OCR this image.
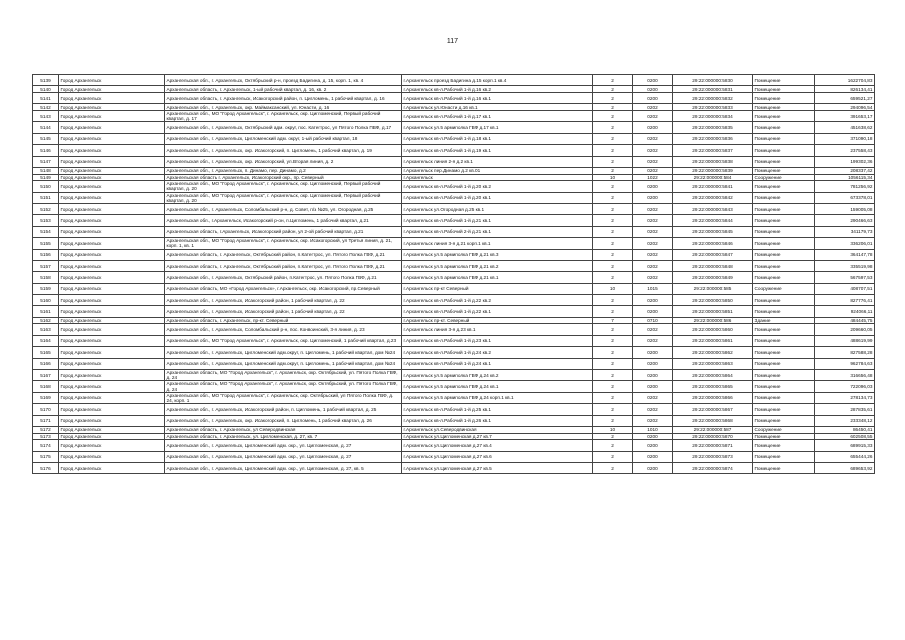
117
5139	Город Архангельск	Архангельская обл., г. Архангельск, Октябрьский р-н, проезд Бадигина, д. 15, корп. 1, кв. 4	г.Архангельск проезд Бадигина д.15 корп.1 кв.4	2	0200	29:22:000000:5830	Помещение	1622704,83
5140	Город Архангельск	Архангельская область, г. Архангельск, 1-ый рабочий квартал, д. 16, кв. 2	г.Архангельск кв-л.Рабочий 1-й д.16 кв.2	2	0200	29:22:000000:5831	Помещение	826134,41
5141	Город Архангельск	Архангельская область, г. Архангельск, Исакогорский район, п. Цигломень, 1 рабочий квартал, д. 16	г.Архангельск кв-л.Рабочий 1-й д.16 кв.1	2	0200	29:22:000000:5832	Помещение	659521,27
5142	Город Архангельск	Архангельская обл., г. Архангельск, окр. Маймаксанский, ул. Юнасти, д. 16	г.Архангельск ул.Юнасти д.16 кв.1	2	0202	29:22:000000:5833	Помещение	294096,54
5143	Город Архангельск	Архангельская обл., МО "Город Архангельск", г. Архангельск, окр. Цигломенский, Первый рабочий квартал, д. 17	г.Архангельск кв-л.Рабочий 1-й д.17 кв.1	2	0202	29:22:000000:5834	Помещение	391653,17
5144	Город Архангельск	Архангельская обл., г. Архангельск, Октябрьский адм. округ, пос. Категтрос, ул Пятого Полка ПВФ, д.17	г.Архангельск ул.5 армиполка ГВФ д.17 кв.1	2	0200	29:22:000000:5835	Помещение	451638,62
5145	Город Архангельск	Архангельская обл., г. Архангельск, Цигломенский адм. округ, 1-ый рабочий квартал, 18	г.Архангельск кв-л.Рабочий 1-й д.18 кв.1	2	0202	29:22:000000:5836	Помещение	371090,18
5146	Город Архангельск	Архангельская обл., г. Архангельск, окр. Исакогорский, п. Цигломень, 1 рабочий квартал, д. 19	г.Архангельск кв-л.Рабочий 1-й д.19 кв.1	2	0202	29:22:000000:5837	Помещение	237558,43
5147	Город Архангельск	Архангельская обл., г. Архангельск, окр. Исакогорский, ул.Вторая линия, д. 2	г.Архангельск линия 2-я д.2 кв.1	2	0202	29:22:000000:5838	Помещение	199302,36
5148	Город Архангельск	Архангельская обл., г. Архангельск, п. Динамо, пер. Динамо, д.2	г.Архангельск пер.Динамо д.2 кв.01	2	0202	29:22:000000:5839	Помещение	208337,42
5149	Город Архангельск	Архангельская область г. Архангельск, Исакогорский окр., пр. Северный	г.Архангельск	10	1022	29:22:000000:584	Сооружение	1056115,34
5150	Город Архангельск	Архангельская обл., МО "Город Архангельск", г. Архангельск, окр. Цигломенский, Первый рабочий квартал, д. 20	г.Архангельск кв-л.Рабочий 1-й д.20 кв.2	2	0200	29:22:000000:5841	Помещение	781256,92
5151	Город Архангельск	Архангельская обл., МО "Город Архангельск", г. Архангельск, окр. Цигломенский, Первый рабочий квартал, д. 20	г.Архангельск кв-л.Рабочий 1-й д.20 кв.1	2	0200	29:22:000000:5842	Помещение	673378,01
5152	Город Архангельск	Архангельская обл., г. Архангельск, Соломбальский р-н, д. Совет, п/з №25, ул. Огородная, д.25	г.Архангельск ул.Огородная д.25 кв.1	2	0202	29:22:000000:5843	Помещение	159005,08
5153	Город Архангельск	Архангельская обл., г.Архангельск, Исакогорский р-он, п.Цигломень, 1 рабочий квартал, д.21	г.Архангельск кв-л.Рабочий 1-й д.21 кв.1	2	0202	29:22:000000:5844	Помещение	290466,63
5154	Город Архангельск	Архангельская область, г.Архангельск, Исакогорский район, ул 2-ой рабочий квартал, д.21	г.Архангельск кв-л.Рабочий 2-й д.21 кв.1	2	0202	29:22:000000:5845	Помещение	341179,73
5155	Город Архангельск	Архангельская обл., МО "Город Архангельск", г. Архангельск, окр. Исакогорский, ул Третья линия, д. 21, корп. 1, кв. 1	г.Архангельск линия 3-я д.21 корп.1 кв.1	2	0202	29:22:000000:5846	Помещение	336206,01
5156	Город Архангельск	Архангельская область, г. Архангельск, Октябрьский район, п.Категтрос, ул. Пятого Полка ГВФ, д.21	г.Архангельск ул.5 армиполка ГВФ д.21 кв.3	2	0202	29:22:000000:5847	Помещение	364147,78
5157	Город Архангельск	Архангельская область, г. Архангельск, Октябрьский район, п.Категтрос, ул. Пятого Полка ГВФ, д.21	г.Архангельск ул.5 армиполка ГВФ д.21 кв.2	2	0202	29:22:000000:5848	Помещение	335519,98
5158	Город Архангельск	Архангельская обл., г. Архангельск, Октябрьский район, п.Категтрос, ул. Пятого Полка ГВФ, д.21	г.Архангельск ул.5 армиполка ГВФ д.21 кв.1	2	0202	29:22:000000:5849	Помещение	567597,53
5159	Город Архангельск	Архангельская область, МО «Город Архангельск», г.Архангельск, окр. Исакогорский, пр.Северный	г.Архангельск пр-кт Северный	10	1015	29:22:000000:585	Сооружение	408707,51
5160	Город Архангельск	Архангельская обл., г. Архангельск, Исакогорский район, 1 рабочий квартал, д. 22	г.Архангельск кв-л.Рабочий 1-й д.22 кв.2	2	0200	29:22:000000:5850	Помещение	827776,41
5161	Город Архангельск	Архангельская обл., г. Архангельск, Исакогорский район, 1 рабочий квартал, д. 22	г.Архангельск кв-л.Рабочий 1-й д.22 кв.1	2	0200	29:22:000000:5851	Помещение	924066,11
5162	Город Архангельск	Архангельская область, г. Архангельск, пр-кт. Северный	г.Архангельск пр-кт. Северный	7	0710	29:22:000000:586	Здание	484445,75
5163	Город Архангельск	Архангельская обл., г. Архангельск, Соломбальский р-н, пос. Конвоинский, 3-я линия, д. 23	г.Архангельск линия 3-я д.23 кв.1	2	0202	29:22:000000:5860	Помещение	209660,05
5164	Город Архангельск	Архангельская обл., МО "Город Архангельск", г. Архангельск, окр. Цигломенский, 1 рабочий квартал, д.23	г.Архангельск кв-л.Рабочий 1-й д.23 кв.1	2	0202	29:22:000000:5861	Помещение	488619,99
5165	Город Архангельск	Архангельская обл., г. Архангельск, Цигломенский адм.округ, п. Цигломень, 1 рабочий квартал, дом №24	г.Архангельск кв-л.Рабочий 1-й д.24 кв.2	2	0200	29:22:000000:5862	Помещение	827588,28
5166	Город Архангельск	Архангельская обл., г. Архангельск, Цигломенский адм.округ, п. Цигломень, 1 рабочий квартал, дом №24	г.Архангельск кв-л.Рабочий 1-й д.24 кв.1	2	0200	29:22:000000:5863	Помещение	962784,63
5167	Город Архангельск	Архангельская область, МО "Город Архангельск", г. Архангельск, окр. Октябрьский, ул. Пятого Полка ГВФ, д. 24	г.Архангельск ул.5 армиполка ГВФ д.24 кв.2	2	0200	29:22:000000:5864	Помещение	316656,48
5168	Город Архангельск	Архангельская область, МО "Город Архангельск", г. Архангельск, окр. Октябрьский, ул. Пятого Полка ГВФ, д. 24	г.Архангельск ул.5 армиполка ГВФ д.24 кв.1	2	0200	29:22:000000:5865	Помещение	722096,03
5169	Город Архангельск	Архангельская обл., МО "Город Архангельск", г. Архангельск, окр. Октябрьский, ул Пятого Полка ГВФ, д. 24, корп. 1	г.Архангельск ул.5 армиполка ГВФ д.24 корп.1 кв.1	2	0202	29:22:000000:5866	Помещение	278134,73
5170	Город Архангельск	Архангельская обл., г. Архангельск, Исакогорский район, п. Цигломень, 1 рабочий квартал, д. 25	г.Архангельск кв-л.Рабочий 1-й д.25 кв.1	2	0202	29:22:000000:5867	Помещение	287835,61
5171	Город Архангельск	Архангельская обл., г. Архангельск, окр. Исакогорский, п. Цигломень, 1 рабочий квартал, д. 26	г.Архангельск кв-л.Рабочий 1-й д.26 кв.1	2	0202	29:22:000000:5868	Помещение	233348,12
5172	Город Архангельск	Архангельская область, г. Архангельск, ул Северодвинская	г.Архангельск ул.Северодвинская	10	1010	29:22:000000:587	Сооружение	86450,41
5173	Город Архангельск	Архангельская область, г. Архангельск, ул. Цигломенская, д. 27, кв. 7	г.Архангельск ул.Цигломенская д.27 кв.7	2	0200	29:22:000000:5870	Помещение	602508,55
5174	Город Архангельск	Архангельская обл., г. Архангельск, Цигломенский адм. окр., ул. Цигломенская, д. 27	г.Архангельск ул.Цигломенская д.27 кв.4	2	0200	29:22:000000:5871	Помещение	689915,33
5175	Город Архангельск	Архангельская обл., г. Архангельск, Цигломенский адм. окр., ул. Цигломенская, д. 27	г.Архангельск ул.Цигломенская д.27 кв.6	2	0200	29:22:000000:5873	Помещение	655444,26
5176	Город Архангельск	Архангельская обл., г. Архангельск, Цигломенский адм. окр., ул. Цигломенская, д. 27, кв. 5	г.Архангельск ул.Цигломенская д.27 кв.5	2	0200	29:22:000000:5874	Помещение	689653,92
